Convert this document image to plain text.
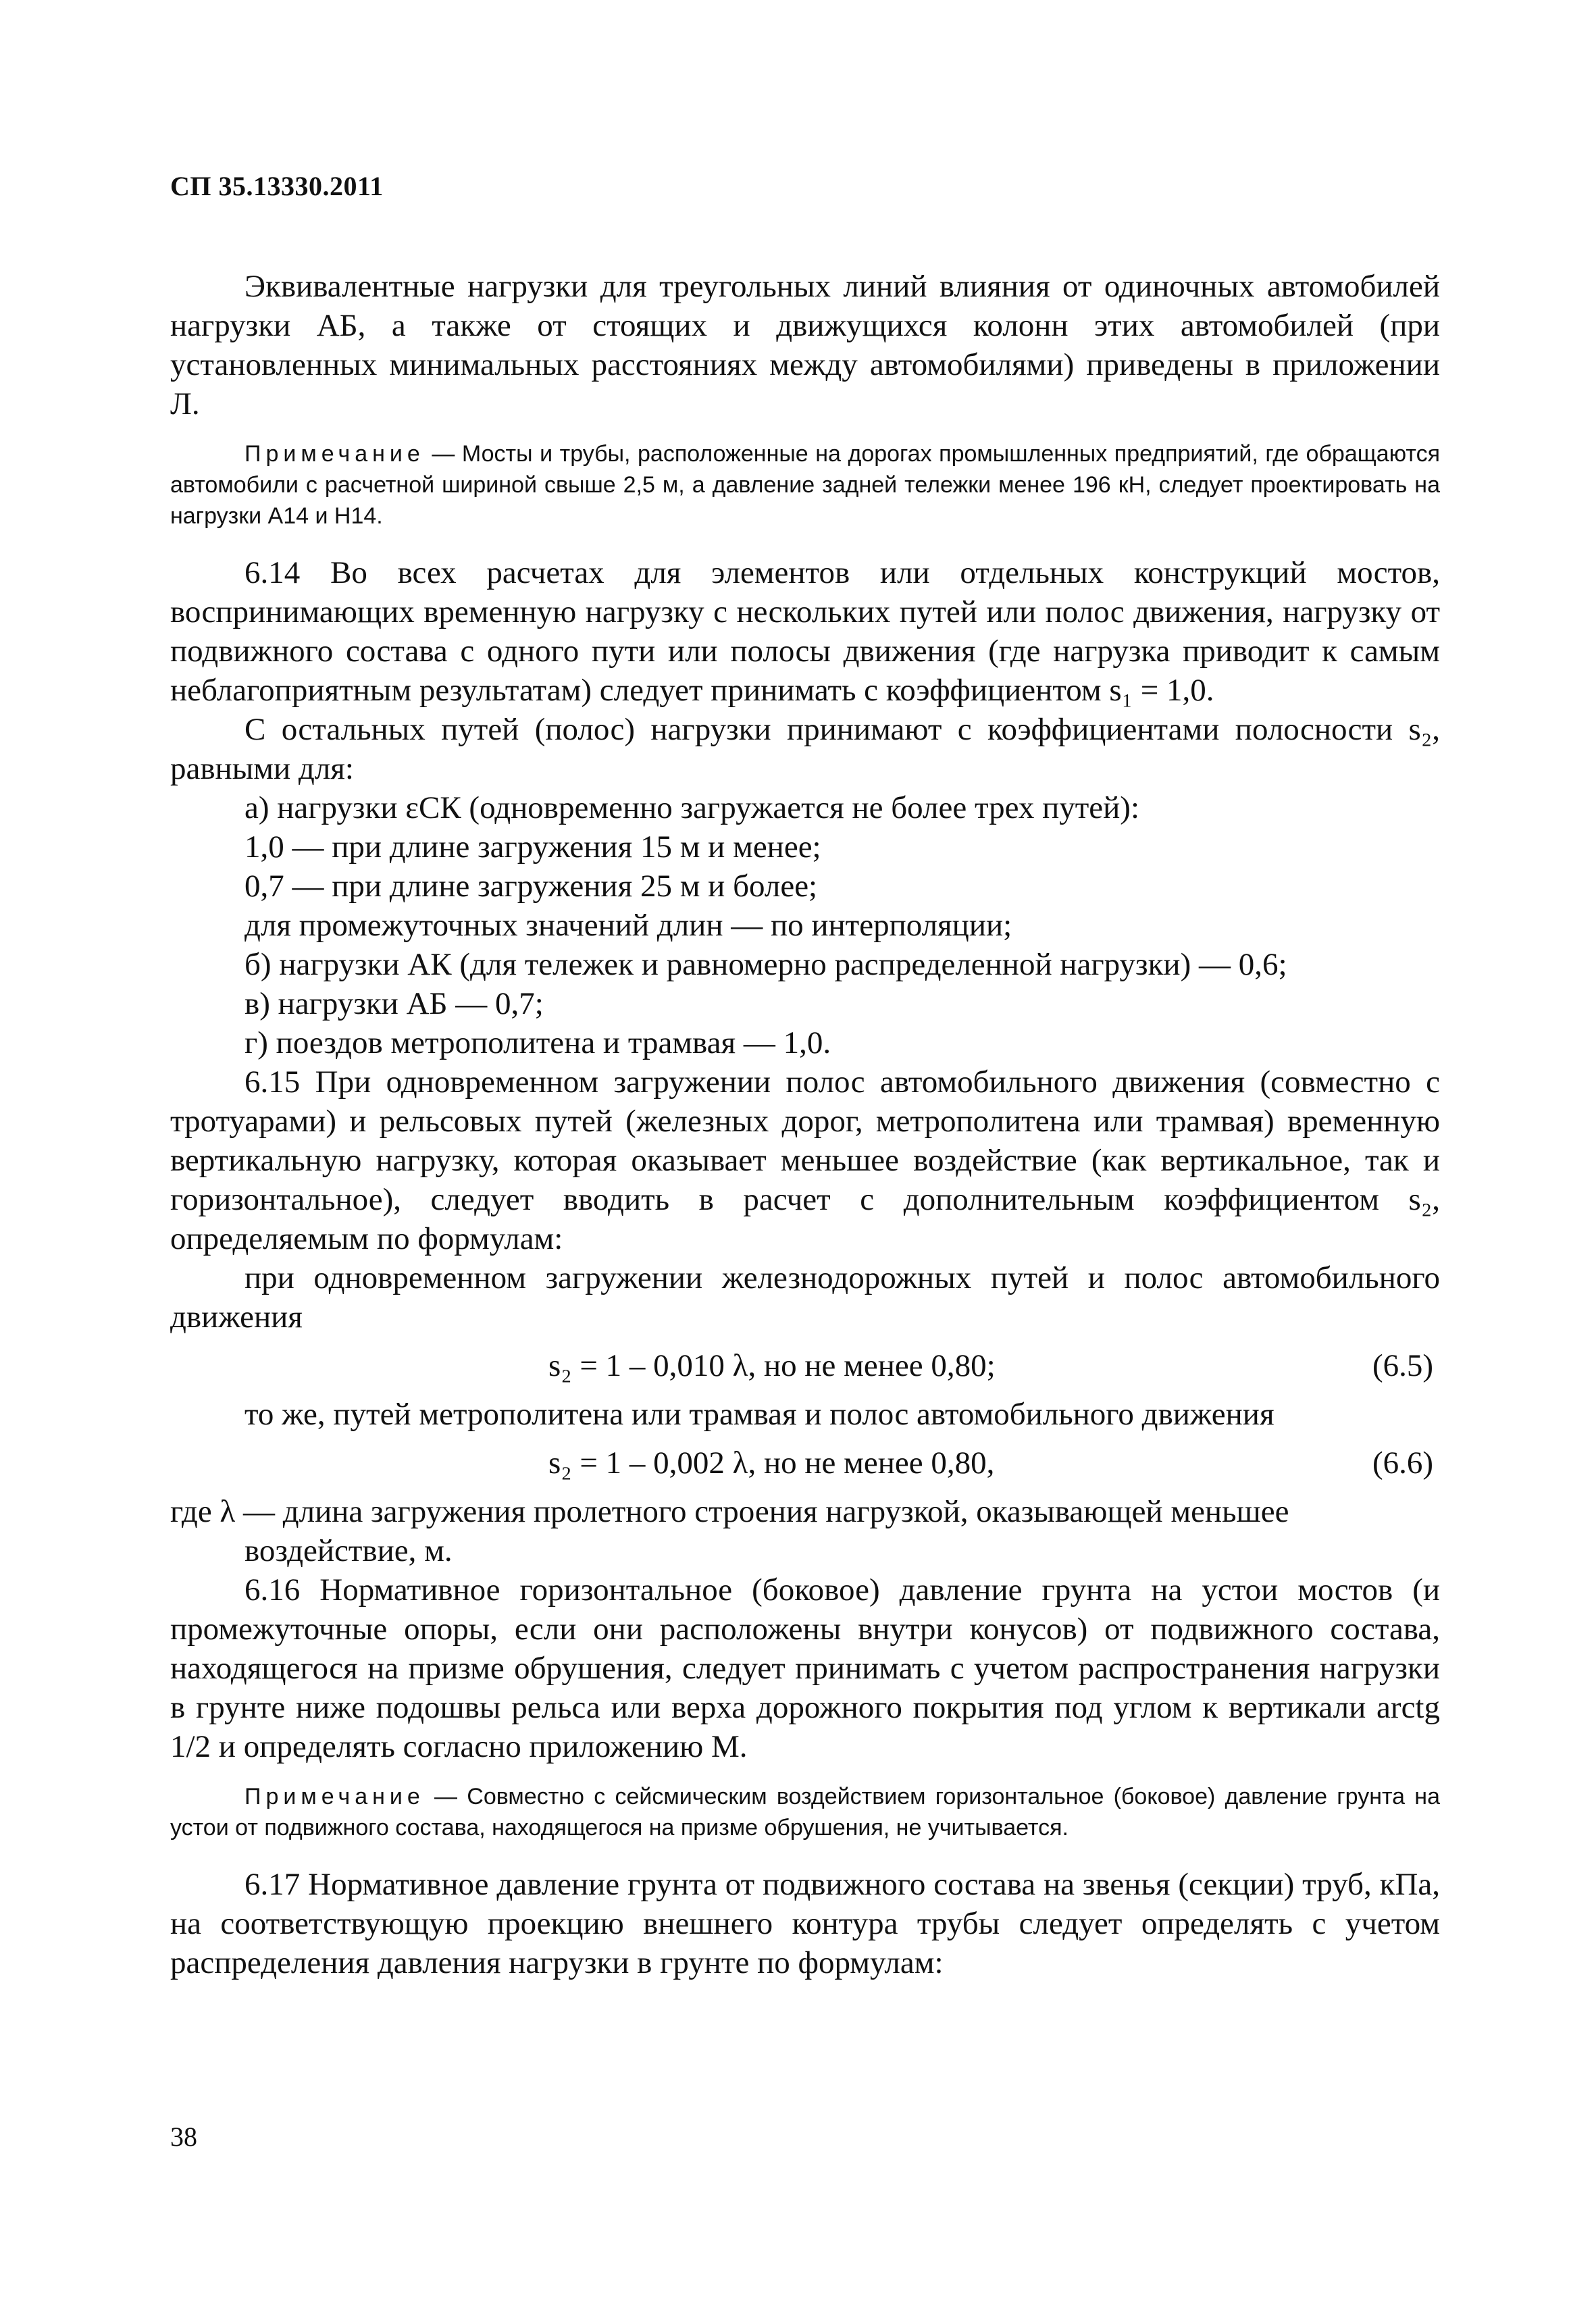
СП 35.13330.2011

Эквивалентные нагрузки для треугольных линий влияния от одиночных автомобилей нагрузки АБ, а также от стоящих и движущихся колонн этих автомобилей (при установленных минимальных расстояниях между автомобилями) приведены в приложении Л.

Примечание — Мосты и трубы, расположенные на дорогах промышленных предприятий, где обращаются автомобили с расчетной шириной свыше 2,5 м, а давление задней тележки менее 196 кН, следует проектировать на нагрузки А14 и Н14.

6.14 Во всех расчетах для элементов или отдельных конструкций мостов, воспринимающих временную нагрузку с нескольких путей или полос движения, нагрузку от подвижного состава с одного пути или полосы движения (где нагрузка приводит к самым неблагоприятным результатам) следует принимать с коэффициентом s₁ = 1,0.

С остальных путей (полос) нагрузки принимают с коэффициентами полосности s₂, равными для:

а) нагрузки εСК (одновременно загружается не более трех путей):

1,0 — при длине загружения 15 м и менее;

0,7 — при длине загружения 25 м и более;

для промежуточных значений длин — по интерполяции;

б) нагрузки АК (для тележек и равномерно распределенной нагрузки) — 0,6;

в) нагрузки АБ — 0,7;

г) поездов метрополитена и трамвая — 1,0.

6.15 При одновременном загружении полос автомобильного движения (совместно с тротуарами) и рельсовых путей (железных дорог, метрополитена или трамвая) временную вертикальную нагрузку, которая оказывает меньшее воздействие (как вертикальное, так и горизонтальное), следует вводить в расчет с дополнительным коэффициентом s₂, определяемым по формулам:

при одновременном загружении железнодорожных путей и полос автомобильного движения

s₂ = 1 – 0,010 λ, но не менее 0,80;	(6.5)

то же, путей метрополитена или трамвая и полос автомобильного движения

s₂ = 1 – 0,002 λ, но не менее 0,80,	(6.6)

где λ — длина загружения пролетного строения нагрузкой, оказывающей меньшее воздействие, м.

6.16 Нормативное горизонтальное (боковое) давление грунта на устои мостов (и промежуточные опоры, если они расположены внутри конусов) от подвижного состава, находящегося на призме обрушения, следует принимать с учетом распространения нагрузки в грунте ниже подошвы рельса или верха дорожного покрытия под углом к вертикали arctg 1/2 и определять согласно приложению М.

Примечание — Совместно с сейсмическим воздействием горизонтальное (боковое) давление грунта на устои от подвижного состава, находящегося на призме обрушения, не учитывается.

6.17 Нормативное давление грунта от подвижного состава на звенья (секции) труб, кПа, на соответствующую проекцию внешнего контура трубы следует определять с учетом распределения давления нагрузки в грунте по формулам:

38
